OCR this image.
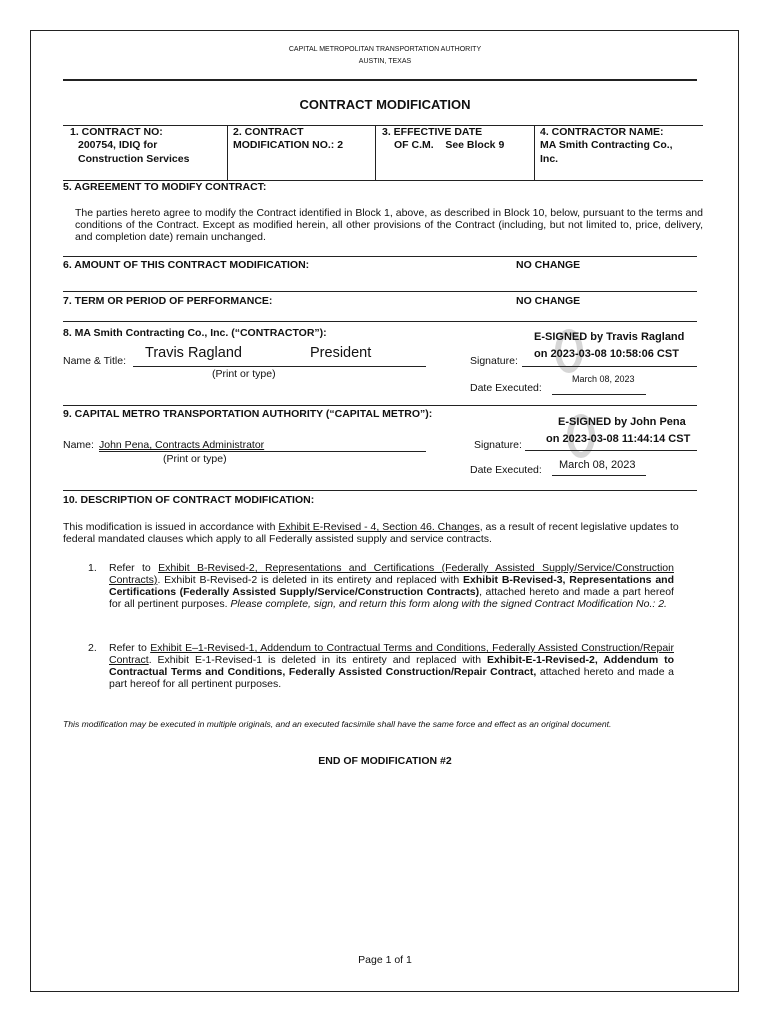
CAPITAL METROPOLITAN TRANSPORTATION AUTHORITY
AUSTIN, TEXAS
CONTRACT MODIFICATION
1. CONTRACT NO:
200754, IDIQ for
Construction Services
2. CONTRACT
MODIFICATION NO.: 2
3. EFFECTIVE DATE
OF C.M.    See Block 9
4. CONTRACTOR NAME:
MA Smith Contracting Co.,
Inc.
5. AGREEMENT TO MODIFY CONTRACT:
The parties hereto agree to modify the Contract identified in Block 1, above, as described in Block 10, below, pursuant to the terms and conditions of the Contract. Except as modified herein, all other provisions of the Contract (including, but not limited to, price, delivery, and completion date) remain unchanged.
6. AMOUNT OF THIS CONTRACT MODIFICATION:	NO CHANGE
7. TERM OR PERIOD OF PERFORMANCE:	NO CHANGE
8. MA Smith Contracting Co., Inc. (“CONTRACTOR”):
Name & Title: Travis Ragland	President
(Print or type)
E-SIGNED by Travis Ragland
Signature:
on 2023-03-08 10:58:06 CST
Date Executed:
March 08, 2023
9. CAPITAL METRO TRANSPORTATION AUTHORITY (“CAPITAL METRO”):
E-SIGNED by John Pena
on 2023-03-08 11:44:14 CST
Name: John Pena, Contracts Administrator
(Print or type)
Signature:
Date Executed: March 08, 2023
10. DESCRIPTION OF CONTRACT MODIFICATION:
This modification is issued in accordance with Exhibit E-Revised - 4, Section 46. Changes, as a result of recent legislative updates to federal mandated clauses which apply to all Federally assisted supply and service contracts.
1. Refer to Exhibit B-Revised-2, Representations and Certifications (Federally Assisted Supply/Service/Construction Contracts). Exhibit B-Revised-2 is deleted in its entirety and replaced with Exhibit B-Revised-3, Representations and Certifications (Federally Assisted Supply/Service/Construction Contracts), attached hereto and made a part hereof for all pertinent purposes. Please complete, sign, and return this form along with the signed Contract Modification No.: 2.
2. Refer to Exhibit E–1-Revised-1, Addendum to Contractual Terms and Conditions, Federally Assisted Construction/Repair Contract. Exhibit E-1-Revised-1 is deleted in its entirety and replaced with Exhibit-E-1-Revised-2, Addendum to Contractual Terms and Conditions, Federally Assisted Construction/Repair Contract, attached hereto and made a part hereof for all pertinent purposes.
This modification may be executed in multiple originals, and an executed facsimile shall have the same force and effect as an original document.
END OF MODIFICATION #2
Page 1 of 1
